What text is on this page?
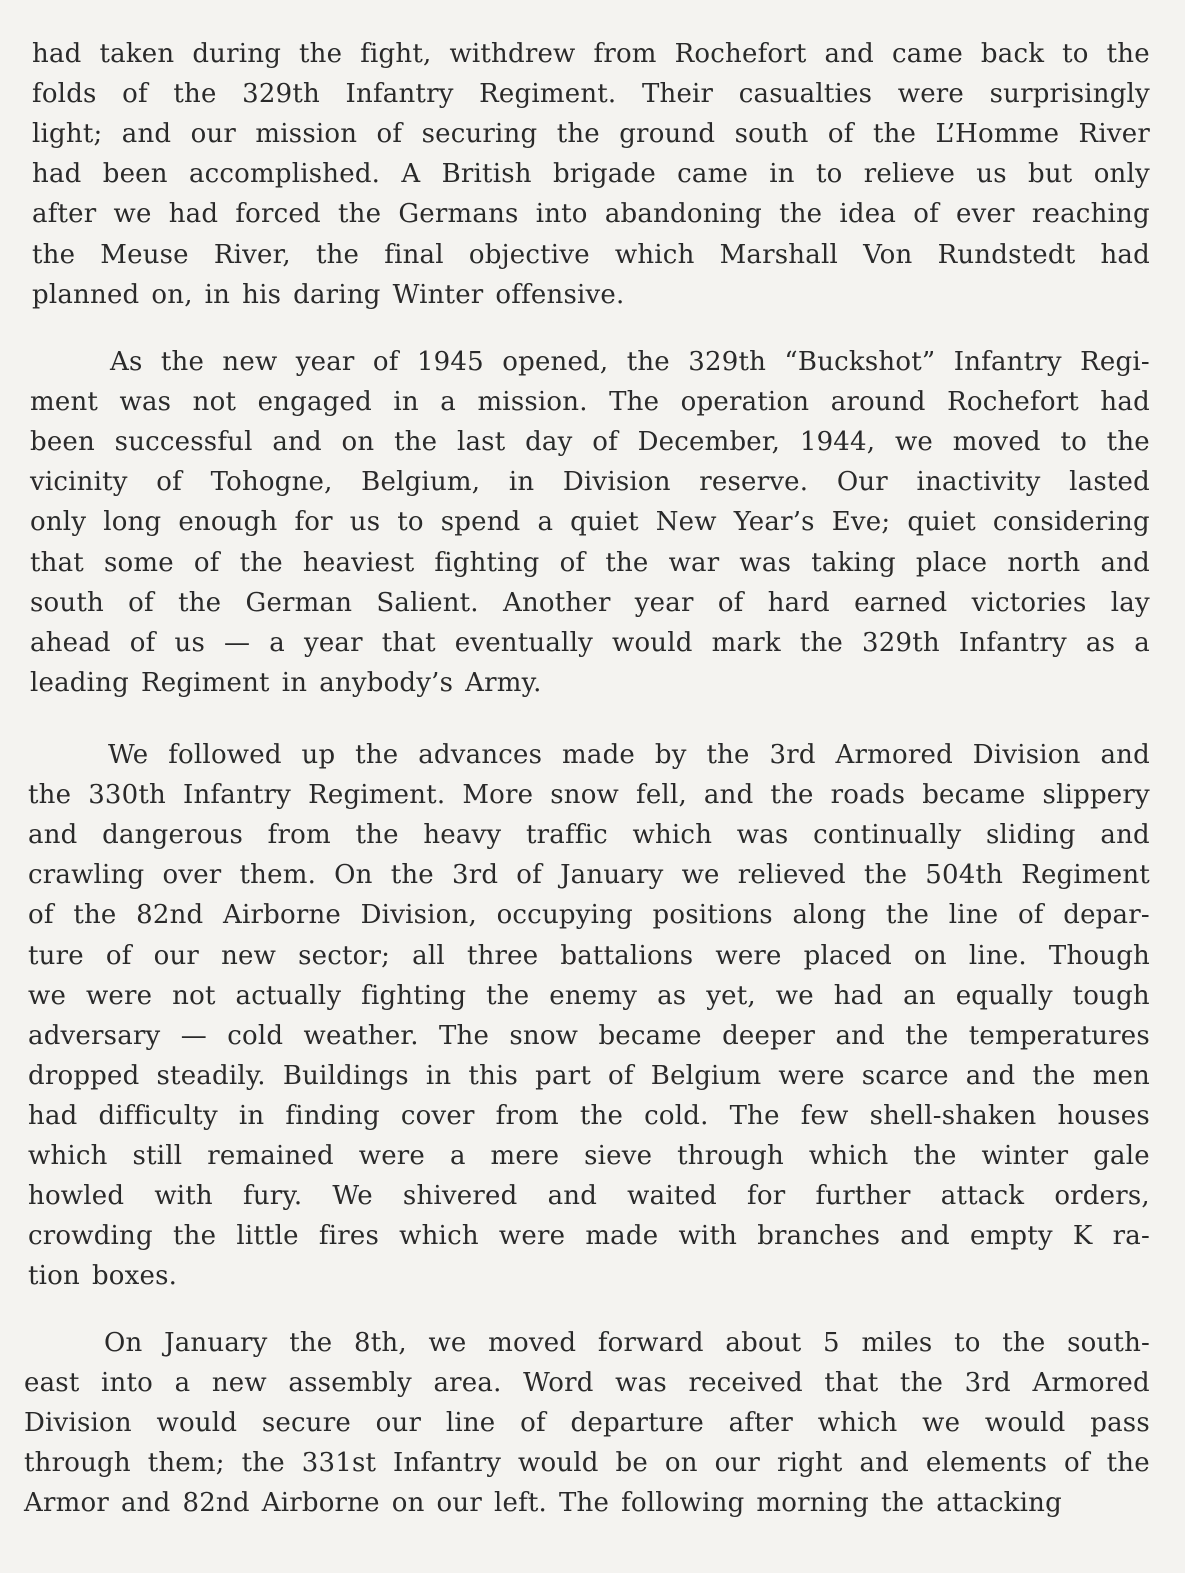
had taken during the fight, withdrew from Rochefort and came back to the
folds of the 329th Infantry Regiment. Their casualties were surprisingly
light; and our mission of securing the ground south of the L’Homme River
had been accomplished. A British brigade came in to relieve us but only
after we had forced the Germans into abandoning the idea of ever reaching
the Meuse River, the final objective which Marshall Von Rundstedt had
planned on, in his daring Winter offensive.
As the new year of 1945 opened, the 329th “Buckshot” Infantry Regi-
ment was not engaged in a mission. The operation around Rochefort had
been successful and on the last day of December, 1944, we moved to the
vicinity of Tohogne, Belgium, in Division reserve. Our inactivity lasted
only long enough for us to spend a quiet New Year’s Eve; quiet considering
that some of the heaviest fighting of the war was taking place north and
south of the German Salient. Another year of hard earned victories lay
ahead of us — a year that eventually would mark the 329th Infantry as a
leading Regiment in anybody’s Army.
We followed up the advances made by the 3rd Armored Division and
the 330th Infantry Regiment. More snow fell, and the roads became slippery
and dangerous from the heavy traffic which was continually sliding and
crawling over them. On the 3rd of January we relieved the 504th Regiment
of the 82nd Airborne Division, occupying positions along the line of depar-
ture of our new sector; all three battalions were placed on line. Though
we were not actually fighting the enemy as yet, we had an equally tough
adversary — cold weather. The snow became deeper and the temperatures
dropped steadily. Buildings in this part of Belgium were scarce and the men
had difficulty in finding cover from the cold. The few shell-shaken houses
which still remained were a mere sieve through which the winter gale
howled with fury. We shivered and waited for further attack orders,
crowding the little fires which were made with branches and empty K ra-
tion boxes.
On January the 8th, we moved forward about 5 miles to the south-
east into a new assembly area. Word was received that the 3rd Armored
Division would secure our line of departure after which we would pass
through them; the 331st Infantry would be on our right and elements of the
Armor and 82nd Airborne on our left. The following morning the attacking
